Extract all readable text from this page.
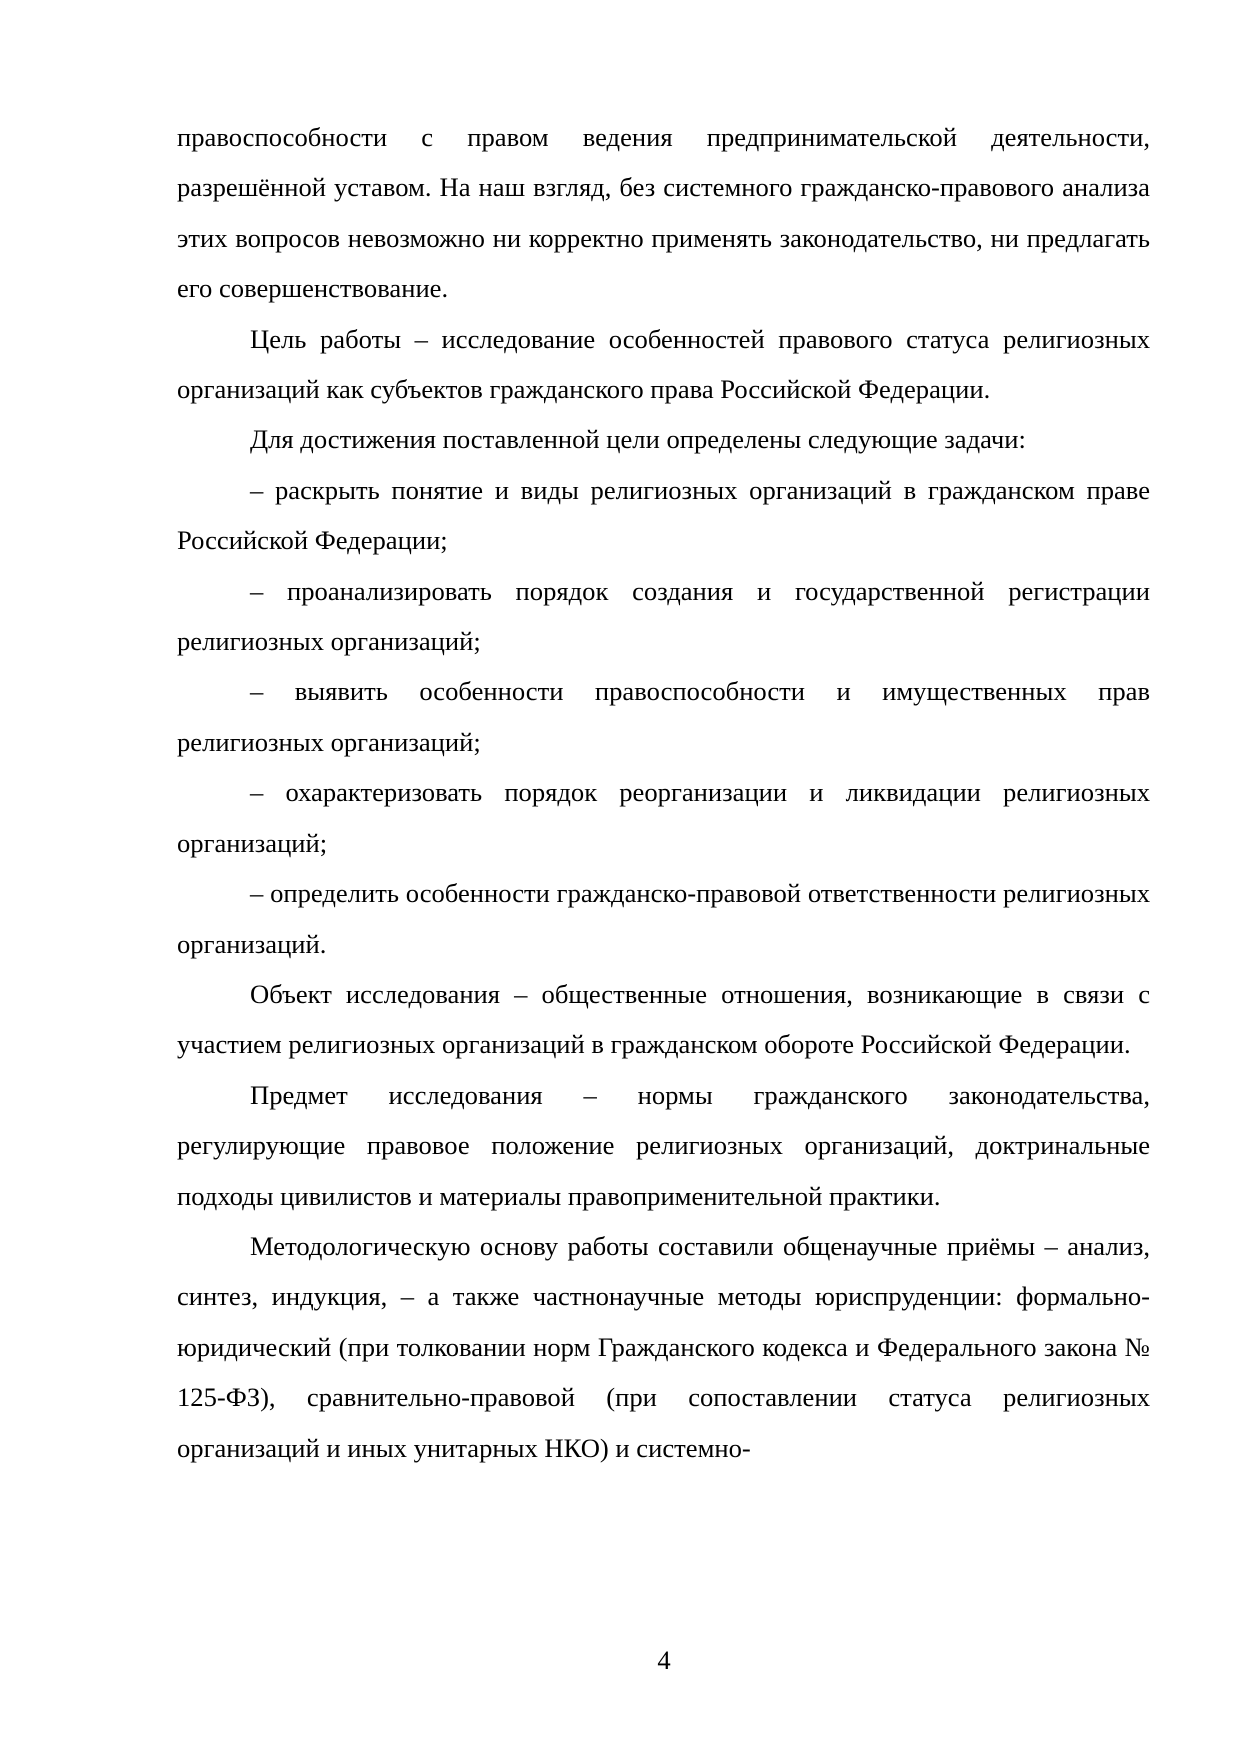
правоспособности с правом ведения предпринимательской деятельности, разрешённой уставом. На наш взгляд, без системного гражданско-правового анализа этих вопросов невозможно ни корректно применять законодательство, ни предлагать его совершенствование.

Цель работы – исследование особенностей правового статуса религиозных организаций как субъектов гражданского права Российской Федерации.

Для достижения поставленной цели определены следующие задачи:

– раскрыть понятие и виды религиозных организаций в гражданском праве Российской Федерации;

– проанализировать порядок создания и государственной регистрации религиозных организаций;

– выявить особенности правоспособности и имущественных прав религиозных организаций;

– охарактеризовать порядок реорганизации и ликвидации религиозных организаций;

– определить особенности гражданско-правовой ответственности религиозных организаций.

Объект исследования – общественные отношения, возникающие в связи с участием религиозных организаций в гражданском обороте Российской Федерации.

Предмет исследования – нормы гражданского законодательства, регулирующие правовое положение религиозных организаций, доктринальные подходы цивилистов и материалы правоприменительной практики.

Методологическую основу работы составили общенаучные приёмы – анализ, синтез, индукция, – а также частнонаучные методы юриспруденции: формально-юридический (при толковании норм Гражданского кодекса и Федерального закона № 125-ФЗ), сравнительно-правовой (при сопоставлении статуса религиозных организаций и иных унитарных НКО) и системно-

4
